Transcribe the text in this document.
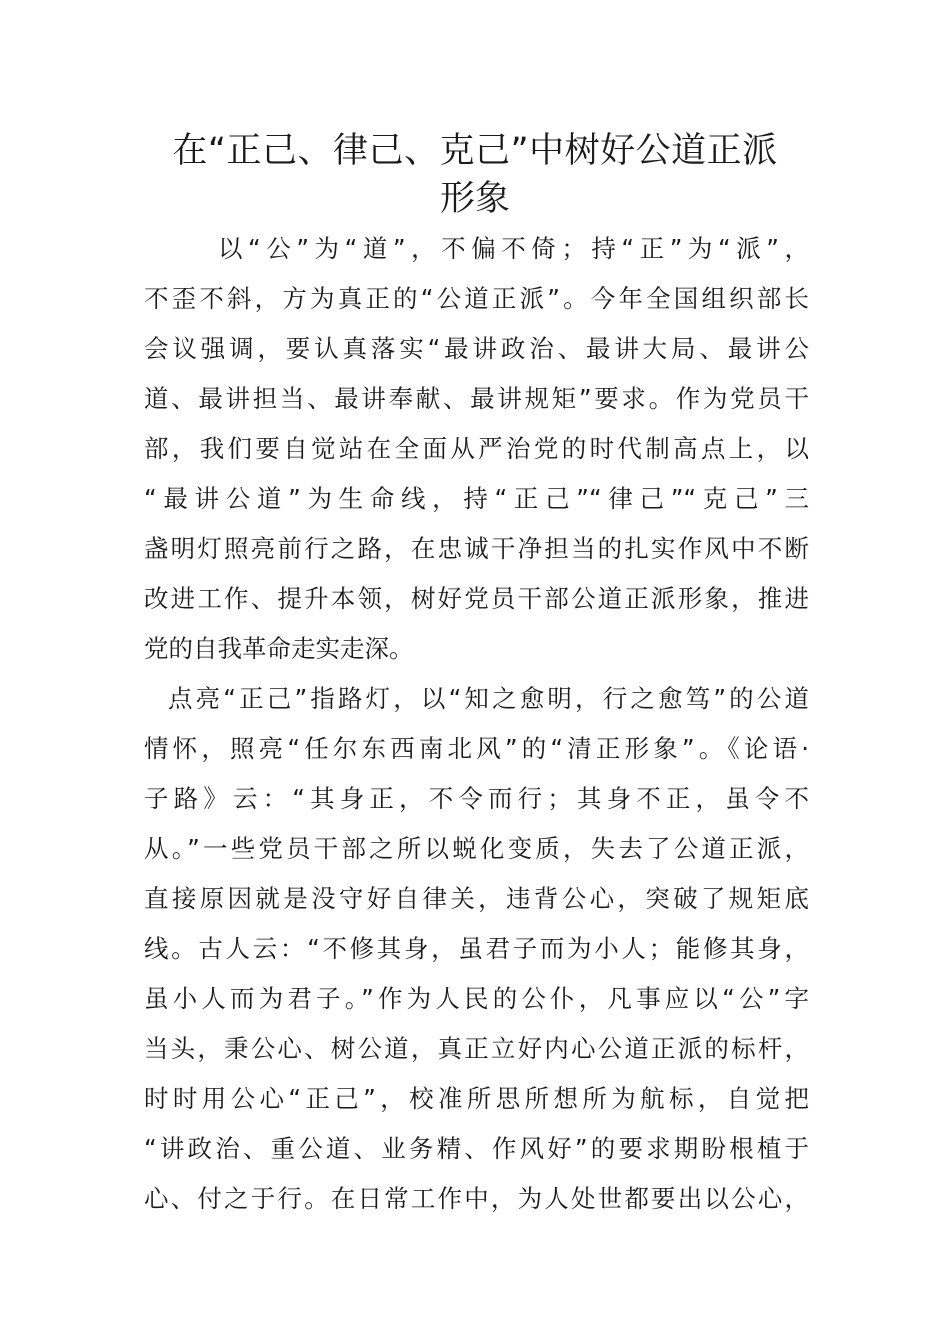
在“正己、律己、克己”中树好公道正派
形象
以“公”为“道”，不偏不倚；持“正”为“派”，
不歪不斜，方为真正的“公道正派”。今年全国组织部长
会议强调，要认真落实“最讲政治、最讲大局、最讲公
道、最讲担当、最讲奉献、最讲规矩”要求。作为党员干
部，我们要自觉站在全面从严治党的时代制高点上，以
“最讲公道”为生命线，持“正己”“律己”“克己”三
盏明灯照亮前行之路，在忠诚干净担当的扎实作风中不断
改进工作、提升本领，树好党员干部公道正派形象，推进
党的自我革命走实走深。
点亮“正己”指路灯，以“知之愈明，行之愈笃”的公道
情怀，照亮“任尔东西南北风”的“清正形象”。《论语·
子路》云：“其身正，不令而行；其身不正，虽令不
从。”一些党员干部之所以蜕化变质，失去了公道正派，
直接原因就是没守好自律关，违背公心，突破了规矩底
线。古人云：“不修其身，虽君子而为小人；能修其身，
虽小人而为君子。”作为人民的公仆，凡事应以“公”字
当头，秉公心、树公道，真正立好内心公道正派的标杆，
时时用公心“正己”，校准所思所想所为航标，自觉把
“讲政治、重公道、业务精、作风好”的要求期盼根植于
心、付之于行。在日常工作中，为人处世都要出以公心，
